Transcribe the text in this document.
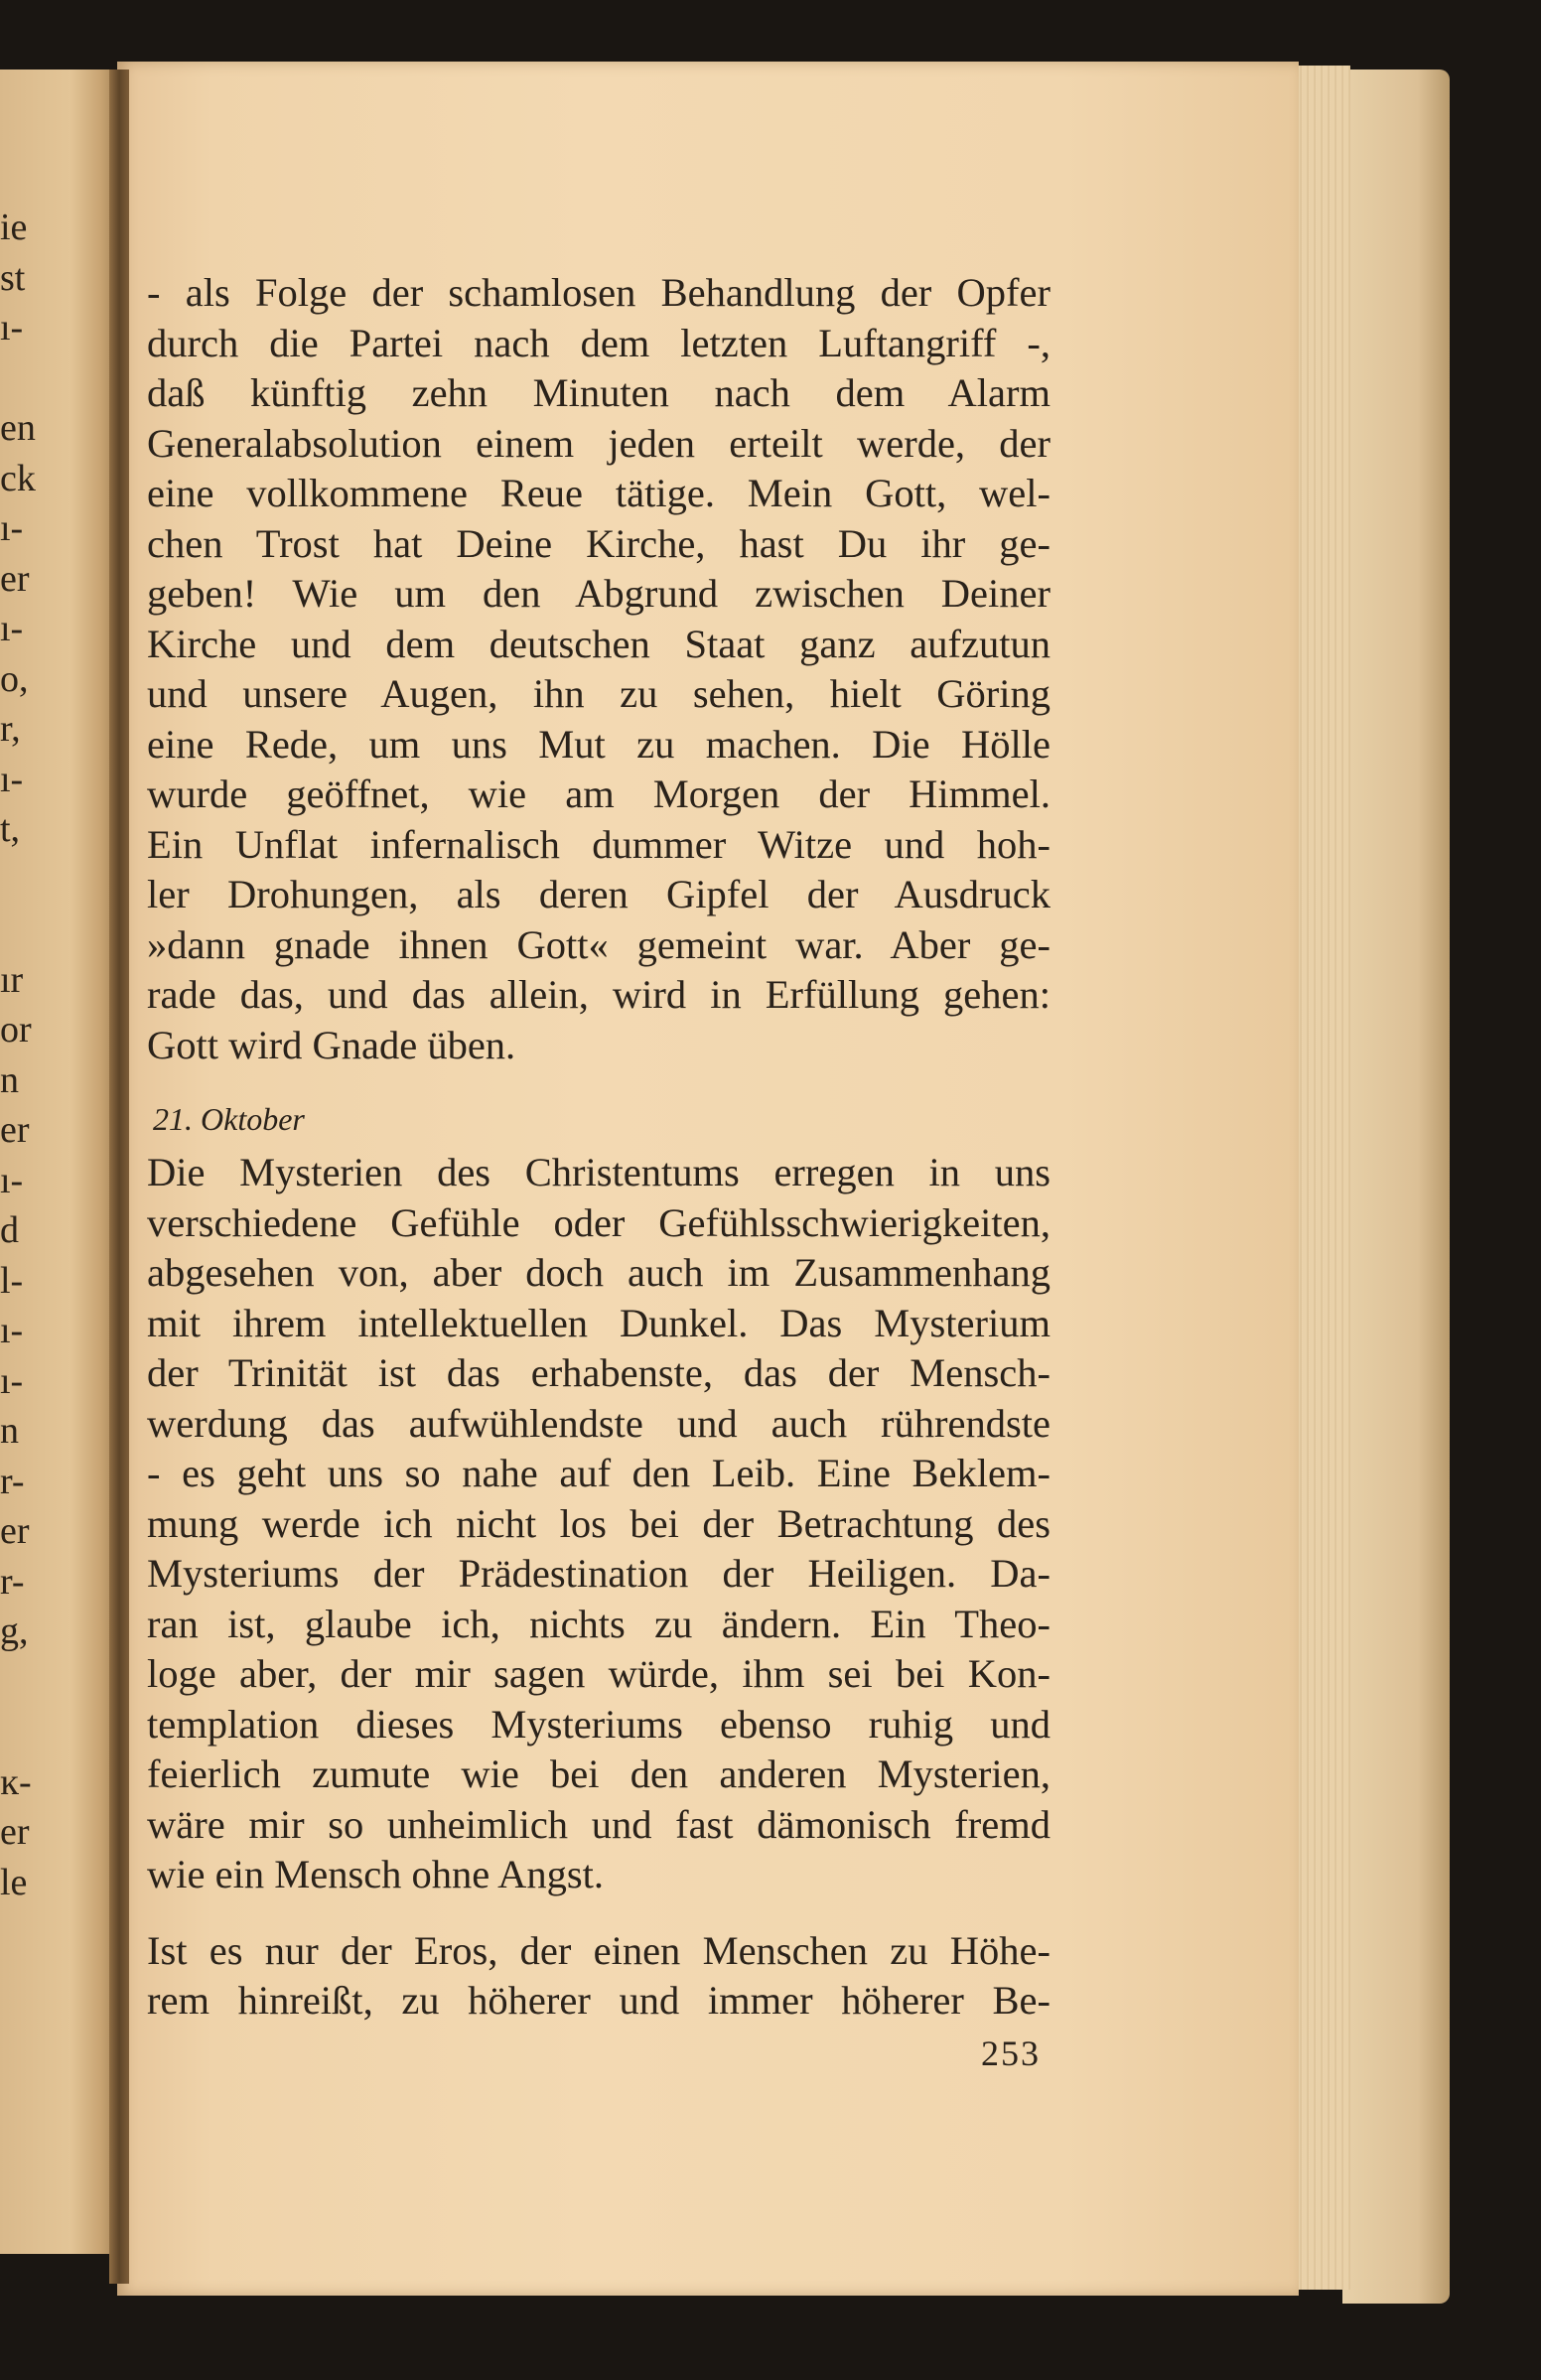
ie
st
ı-
en
ck
ı-
er
ı-
o,
r,
ı-
t,
ır
or
n
er
ı-
d
l-
ı-
ı-
n
r-
er
r-
g,
ĸ-
er
le
- als Folge der schamlosen Behandlung der Opfer
durch die Partei nach dem letzten Luftangriff -,
daß künftig zehn Minuten nach dem Alarm
Generalabsolution einem jeden erteilt werde, der
eine vollkommene Reue tätige. Mein Gott, wel-
chen Trost hat Deine Kirche, hast Du ihr ge-
geben! Wie um den Abgrund zwischen Deiner
Kirche und dem deutschen Staat ganz aufzutun
und unsere Augen, ihn zu sehen, hielt Göring
eine Rede, um uns Mut zu machen. Die Hölle
wurde geöffnet, wie am Morgen der Himmel.
Ein Unflat infernalisch dummer Witze und hoh-
ler Drohungen, als deren Gipfel der Ausdruck
»dann gnade ihnen Gott« gemeint war. Aber ge-
rade das, und das allein, wird in Erfüllung gehen:
Gott wird Gnade üben.
21. Oktober
Die Mysterien des Christentums erregen in uns
verschiedene Gefühle oder Gefühlsschwierigkeiten,
abgesehen von, aber doch auch im Zusammenhang
mit ihrem intellektuellen Dunkel. Das Mysterium
der Trinität ist das erhabenste, das der Mensch-
werdung das aufwühlendste und auch rührendste
- es geht uns so nahe auf den Leib. Eine Beklem-
mung werde ich nicht los bei der Betrachtung des
Mysteriums der Prädestination der Heiligen. Da-
ran ist, glaube ich, nichts zu ändern. Ein Theo-
loge aber, der mir sagen würde, ihm sei bei Kon-
templation dieses Mysteriums ebenso ruhig und
feierlich zumute wie bei den anderen Mysterien,
wäre mir so unheimlich und fast dämonisch fremd
wie ein Mensch ohne Angst.
Ist es nur der Eros, der einen Menschen zu Höhe-
rem hinreißt, zu höherer und immer höherer Be-
253
